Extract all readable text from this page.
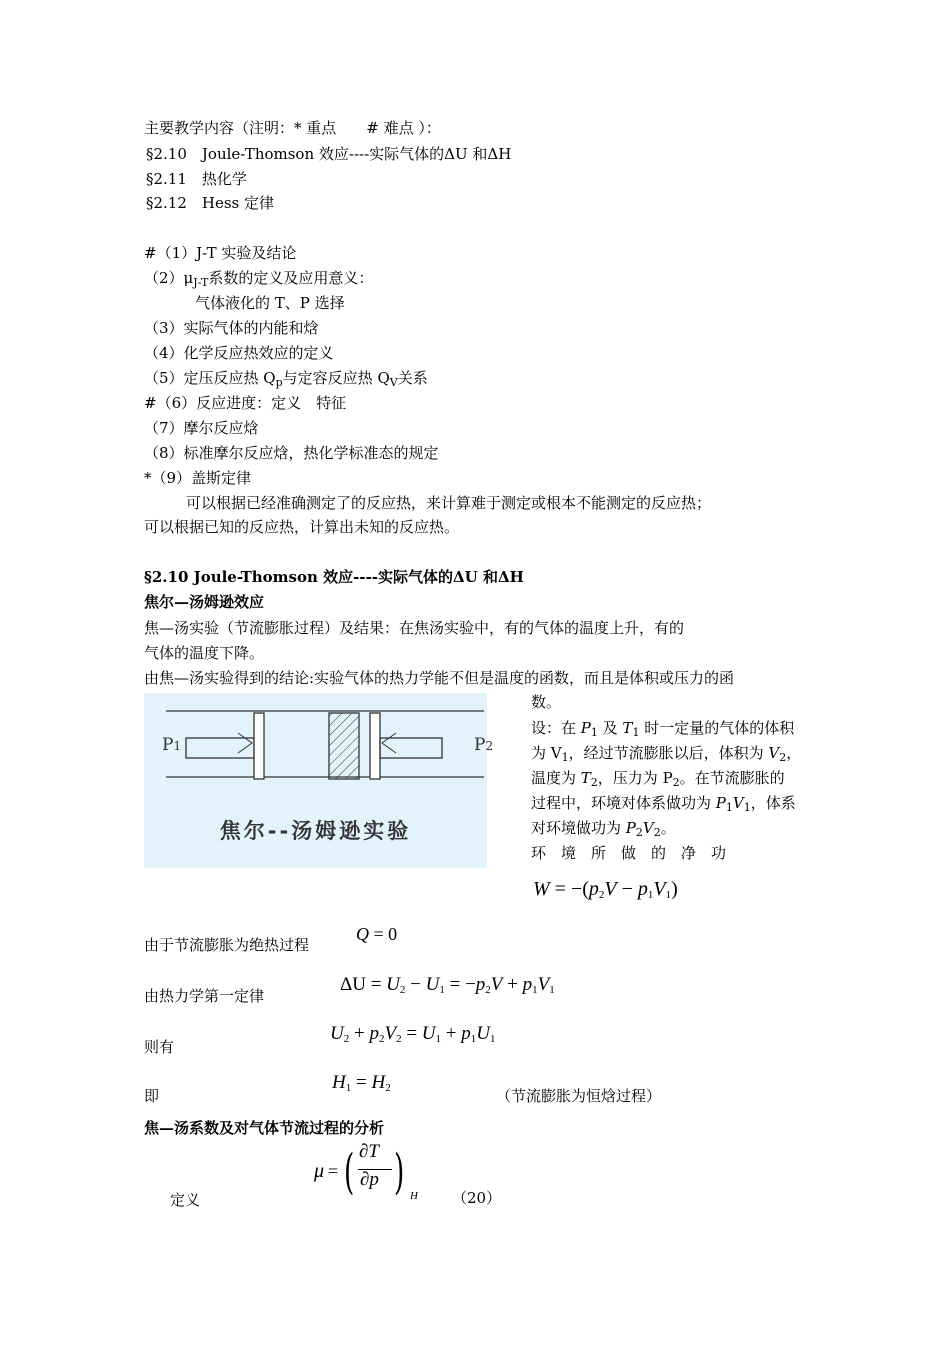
主要教学内容（注明：* 重点　　# 难点 ）：
§2.10　Joule-Thomson 效应----实际气体的ΔU 和ΔH
§2.11　热化学
§2.12　Hess 定律
#（1）J-T 实验及结论
$(2)\mu_{J-T}$系数的定义及应用意义：
气体液化的 T、P 选择
（3）实际气体的内能和焓
（4）化学反应热效应的定义
（5）定压反应热 $Q_p$与定容反应热 $Q_V$关系
#（6）反应进度：定义　特征
（7）摩尔反应焓
（8）标准摩尔反应焓，热化学标准态的规定
*（9）盖斯定律
可以根据已经准确测定了的反应热，来计算难于测定或根本不能测定的反应热；
可以根据已知的反应热，计算出未知的反应热。
§2.10 Joule-Thomson 效应----实际气体的ΔU 和ΔH
焦尔—汤姆逊效应
焦—汤实验（节流膨胀过程）及结果：在焦汤实验中，有的气体的温度上升，有的
气体的温度下降。
由焦—汤实验得到的结论:实验气体的热力学能不但是温度的函数，而且是体积或压力的函
数。
P1	P2
焦尔--汤姆逊实验
设：在 $P_1$ 及 $T_1$ 时一定量的气体的体积
为 $V_1$，经过节流膨胀以后，体积为 $V_2$，
温度为 $T_2$，压力为 $P_2$。在节流膨胀的
过程中，环境对体系做功为 $P_1V_1$，体系
对环境做功为 $P_2V_2$。
环　境　所　做　的　净　功
$W = -(p_2V - p_1V_1)$
由于节流膨胀为绝热过程
Q = 0
由热力学第一定律
$\Delta U = U_2 - U_1 = -p_2V + p_1V_1$
则有
$U_2 + p_2V_2 = U_1 + p_1U_1$
即
$H_1 = H_2$	（节流膨胀为恒焓过程）
焦—汤系数及对气体节流过程的分析
μ = ( ∂T
∂p ) H
定义	（20）
